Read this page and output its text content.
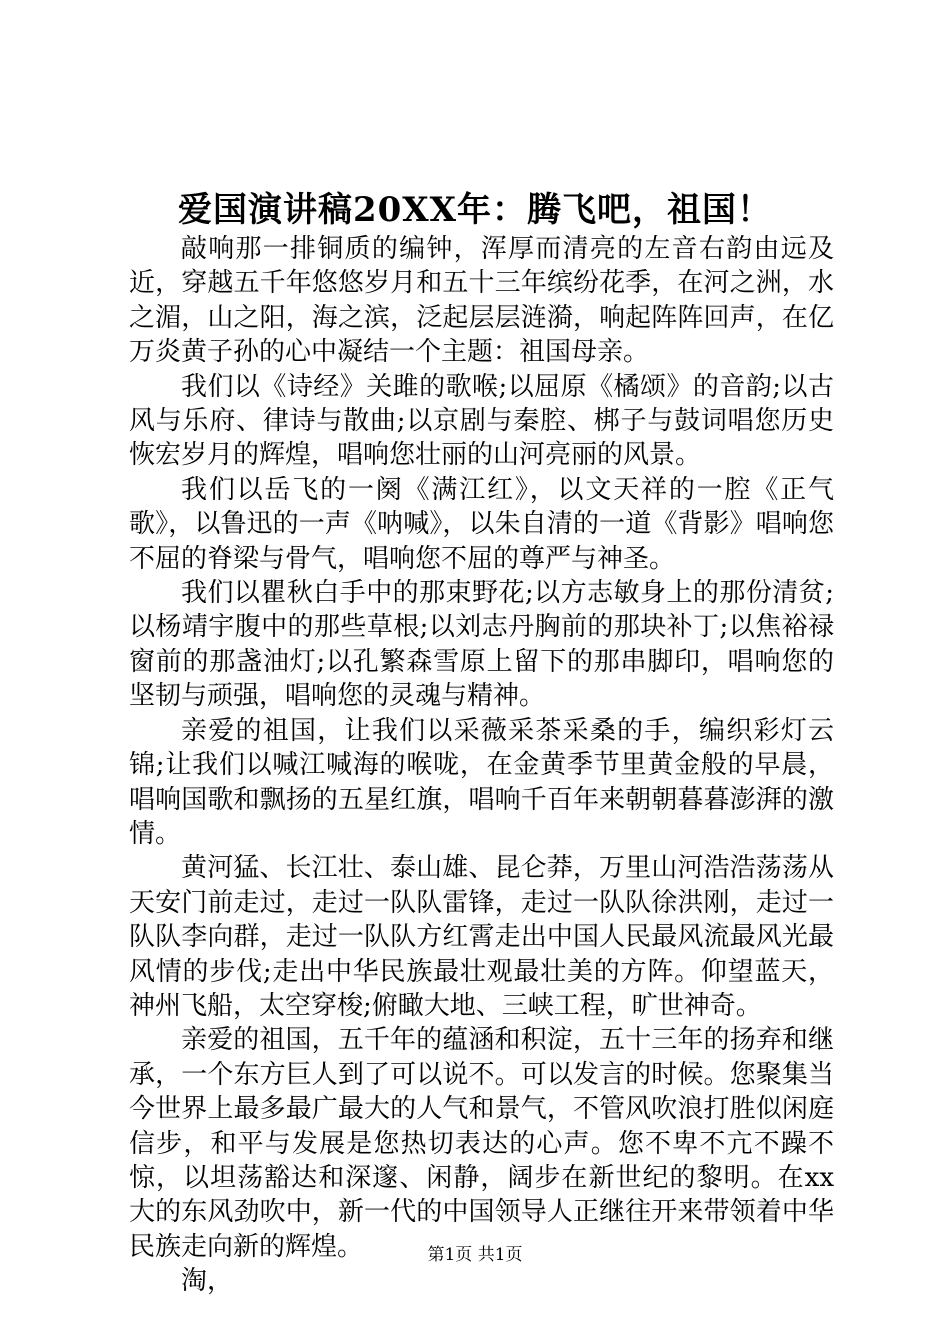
爱国演讲稿20XX年：腾飞吧，祖国！

敲响那一排铜质的编钟，浑厚而清亮的左音右韵由远及近，穿越五千年悠悠岁月和五十三年缤纷花季，在河之洲，水之湄，山之阳，海之滨，泛起层层涟漪，响起阵阵回声，在亿万炎黄子孙的心中凝结一个主题：祖国母亲。

我们以《诗经》关雎的歌喉;以屈原《橘颂》的音韵;以古风与乐府、律诗与散曲;以京剧与秦腔、梆子与鼓词唱您历史恢宏岁月的辉煌，唱响您壮丽的山河亮丽的风景。

我们以岳飞的一阕《满江红》，以文天祥的一腔《正气歌》，以鲁迅的一声《呐喊》，以朱自清的一道《背影》唱响您不屈的脊梁与骨气，唱响您不屈的尊严与神圣。

我们以瞿秋白手中的那束野花;以方志敏身上的那份清贫;以杨靖宇腹中的那些草根;以刘志丹胸前的那块补丁;以焦裕禄窗前的那盏油灯;以孔繁森雪原上留下的那串脚印，唱响您的坚韧与顽强，唱响您的灵魂与精神。

亲爱的祖国，让我们以采薇采茶采桑的手，编织彩灯云锦;让我们以喊江喊海的喉咙，在金黄季节里黄金般的早晨，唱响国歌和飘扬的五星红旗，唱响千百年来朝朝暮暮澎湃的激情。

黄河猛、长江壮、泰山雄、昆仑莽，万里山河浩浩荡荡从天安门前走过，走过一队队雷锋，走过一队队徐洪刚，走过一队队李向群，走过一队队方红霄走出中国人民最风流最风光最风情的步伐;走出中华民族最壮观最壮美的方阵。仰望蓝天，神州飞船，太空穿梭;俯瞰大地、三峡工程，旷世神奇。

亲爱的祖国，五千年的蕴涵和积淀，五十三年的扬弃和继承，一个东方巨人到了可以说不。可以发言的时候。您聚集当今世界上最多最广最大的人气和景气，不管风吹浪打胜似闲庭信步，和平与发展是您热切表达的心声。您不卑不亢不躁不惊，以坦荡豁达和深邃、闲静，阔步在新世纪的黎明。在xx大的东风劲吹中，新一代的中国领导人正继往开来带领着中华民族走向新的辉煌。

淘，

第1页 共1页
